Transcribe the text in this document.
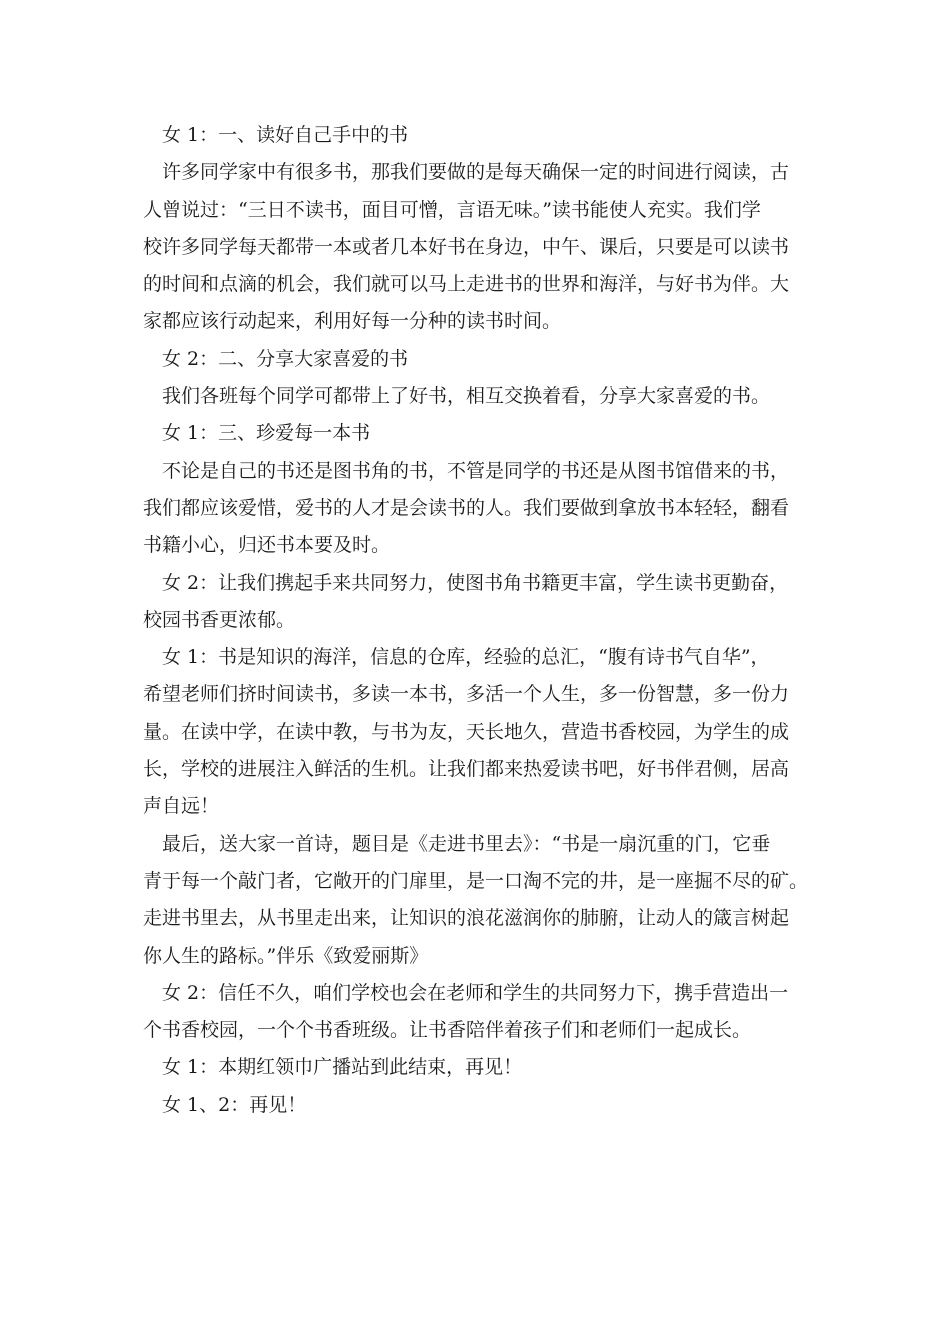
女 1：一、读好自己手中的书
许多同学家中有很多书，那我们要做的是每天确保一定的时间进行阅读，古
人曾说过：“三日不读书，面目可憎，言语无味。”读书能使人充实。我们学
校许多同学每天都带一本或者几本好书在身边，中午、课后，只要是可以读书
的时间和点滴的机会，我们就可以马上走进书的世界和海洋，与好书为伴。大
家都应该行动起来，利用好每一分种的读书时间。
女 2：二、分享大家喜爱的书
我们各班每个同学可都带上了好书，相互交换着看，分享大家喜爱的书。
女 1：三、珍爱每一本书
不论是自己的书还是图书角的书，不管是同学的书还是从图书馆借来的书，
我们都应该爱惜，爱书的人才是会读书的人。我们要做到拿放书本轻轻，翻看
书籍小心，归还书本要及时。
女 2：让我们携起手来共同努力，使图书角书籍更丰富，学生读书更勤奋，
校园书香更浓郁。
女 1：书是知识的海洋，信息的仓库，经验的总汇，“腹有诗书气自华”，
希望老师们挤时间读书，多读一本书，多活一个人生，多一份智慧，多一份力
量。在读中学，在读中教，与书为友，天长地久，营造书香校园，为学生的成
长，学校的进展注入鲜活的生机。让我们都来热爱读书吧，好书伴君侧，居高
声自远！
最后，送大家一首诗，题目是《走进书里去》：“书是一扇沉重的门，它垂
青于每一个敲门者，它敞开的门扉里，是一口淘不完的井，是一座掘不尽的矿。
走进书里去，从书里走出来，让知识的浪花滋润你的肺腑，让动人的箴言树起
你人生的路标。”伴乐《致爱丽斯》
女 2：信任不久，咱们学校也会在老师和学生的共同努力下，携手营造出一
个书香校园，一个个书香班级。让书香陪伴着孩子们和老师们一起成长。
女 1：本期红领巾广播站到此结束，再见！
女 1、2：再见！
